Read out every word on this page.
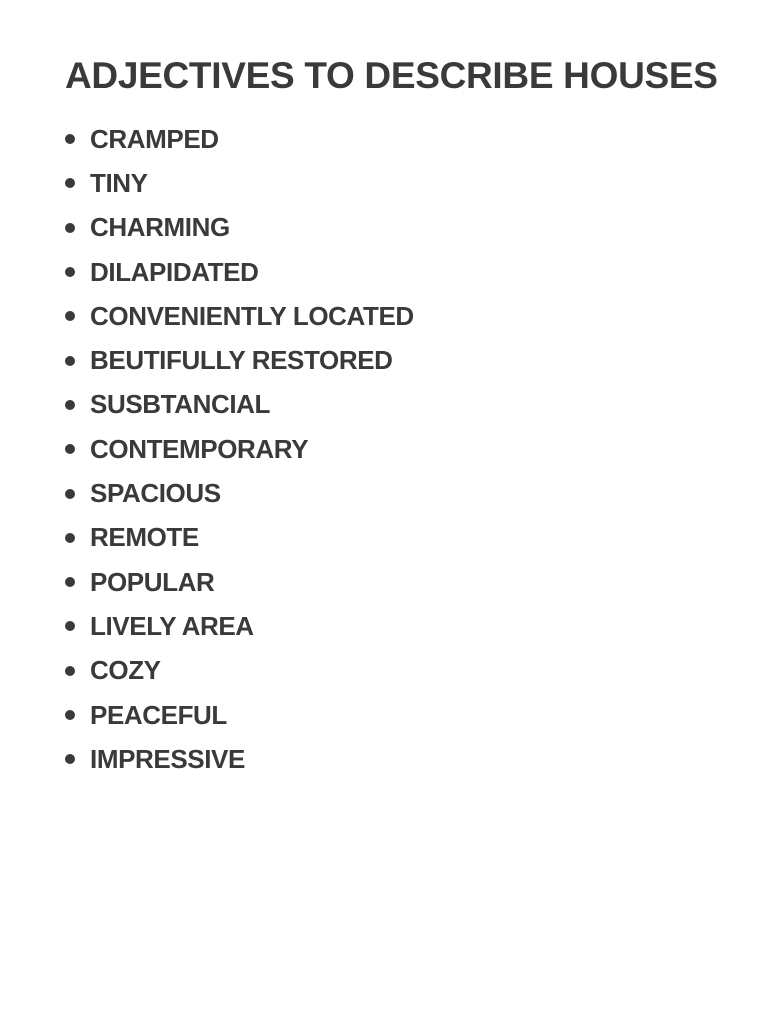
ADJECTIVES TO DESCRIBE HOUSES
CRAMPED
TINY
CHARMING
DILAPIDATED
CONVENIENTLY LOCATED
BEUTIFULLY RESTORED
SUSBTANCIAL
CONTEMPORARY
SPACIOUS
REMOTE
POPULAR
LIVELY AREA
COZY
PEACEFUL
IMPRESSIVE
